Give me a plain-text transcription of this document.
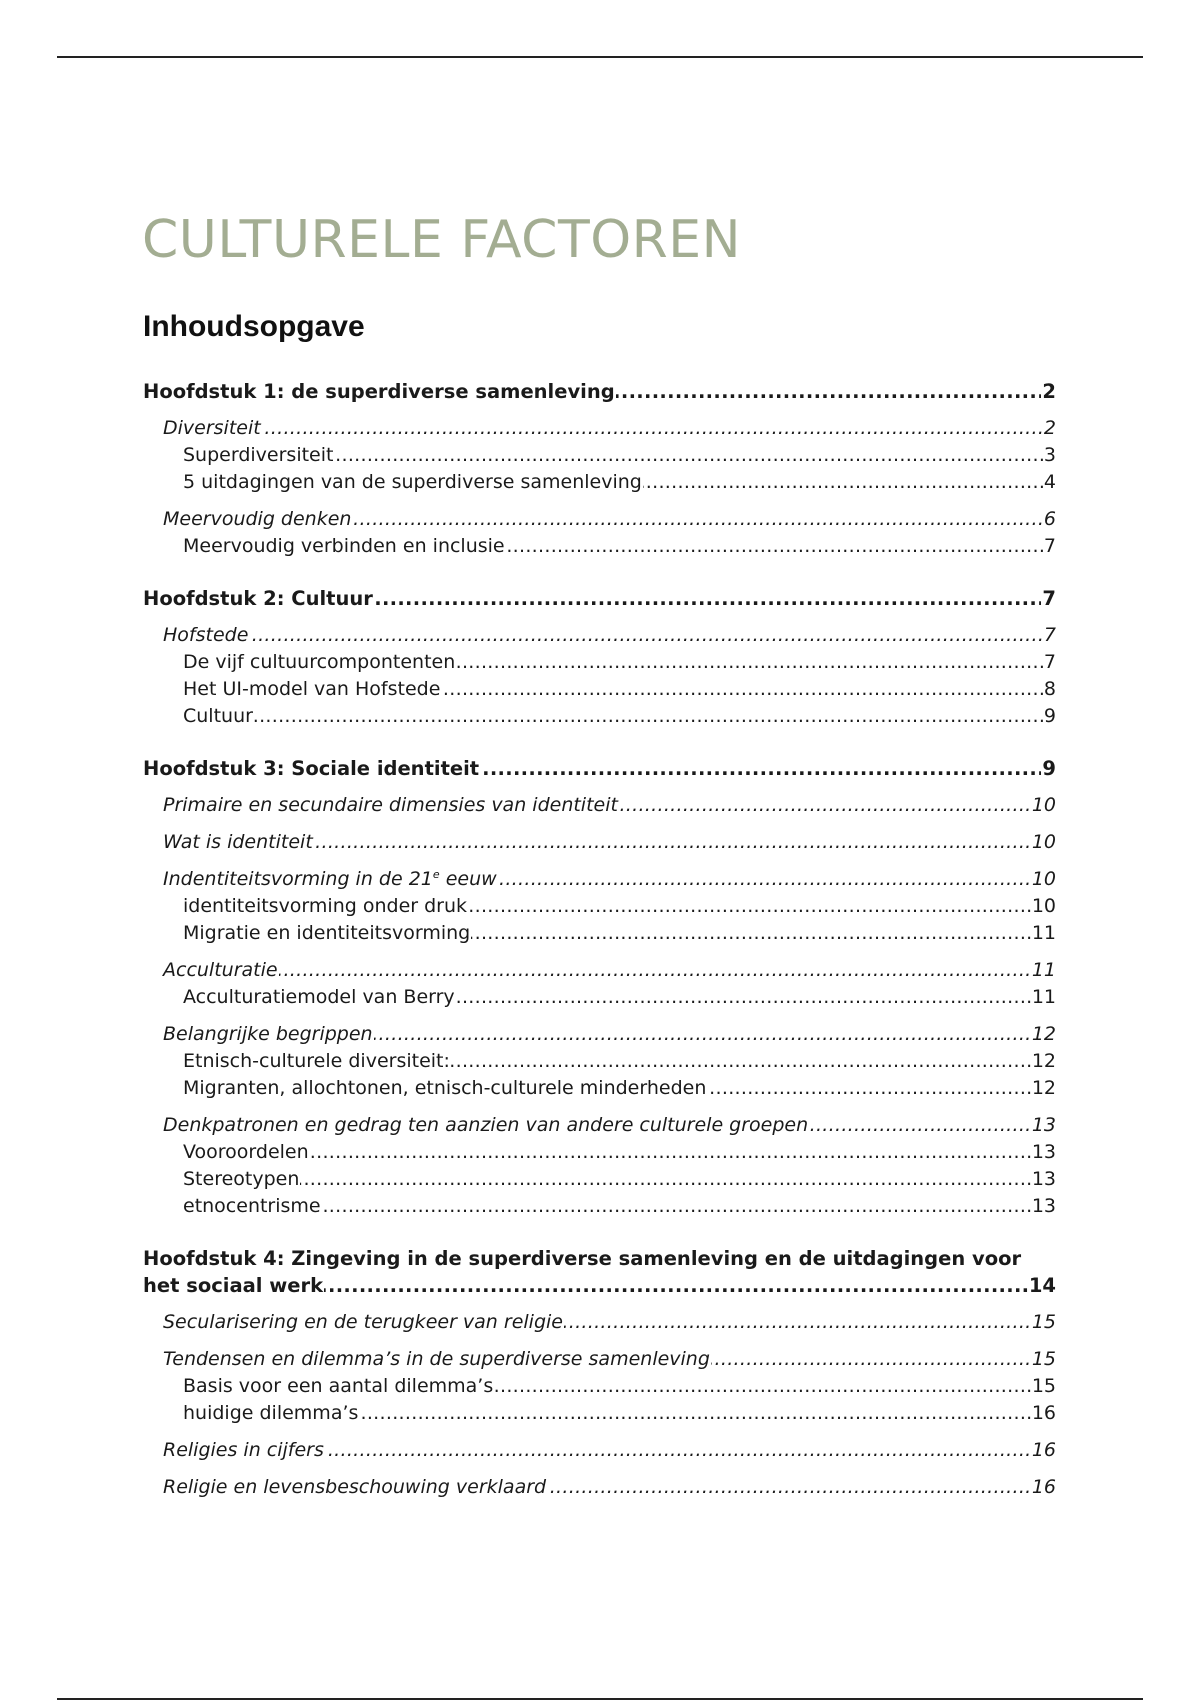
CULTURELE FACTOREN
Inhoudsopgave
..... Hoofdstuk 1: de superdiverse samenleving	2
..... Diversiteit	2
..... Superdiversiteit	3
..... 5 uitdagingen van de superdiverse samenleving	4
..... Meervoudig denken	6
..... Meervoudig verbinden en inclusie	7
..... Hoofdstuk 2: Cultuur	7
..... Hofstede	7
..... De vijf cultuurcompontenten	7
..... Het UI-model van Hofstede	8
..... Cultuur	9
..... Hoofdstuk 3: Sociale identiteit	9
..... Primaire en secundaire dimensies van identiteit	10
..... Wat is identiteit	10
..... Indentiteitsvorming in de 21e eeuw	10
..... identiteitsvorming onder druk	10
..... Migratie en identiteitsvorming	11
..... Acculturatie	11
..... Acculturatiemodel van Berry	11
..... Belangrijke begrippen	12
..... Etnisch-culturele diversiteit:	12
..... Migranten, allochtonen, etnisch-culturele minderheden	12
..... Denkpatronen en gedrag ten aanzien van andere culturele groepen	13
..... Vooroordelen	13
..... Stereotypen	13
..... etnocentrisme	13
Hoofdstuk 4: Zingeving in de superdiverse samenleving en de uitdagingen voor
..... het sociaal werk	14
..... Secularisering en de terugkeer van religie	15
..... Tendensen en dilemma’s in de superdiverse samenleving	15
..... Basis voor een aantal dilemma’s	15
..... huidige dilemma’s	16
..... Religies in cijfers	16
..... Religie en levensbeschouwing verklaard	16
